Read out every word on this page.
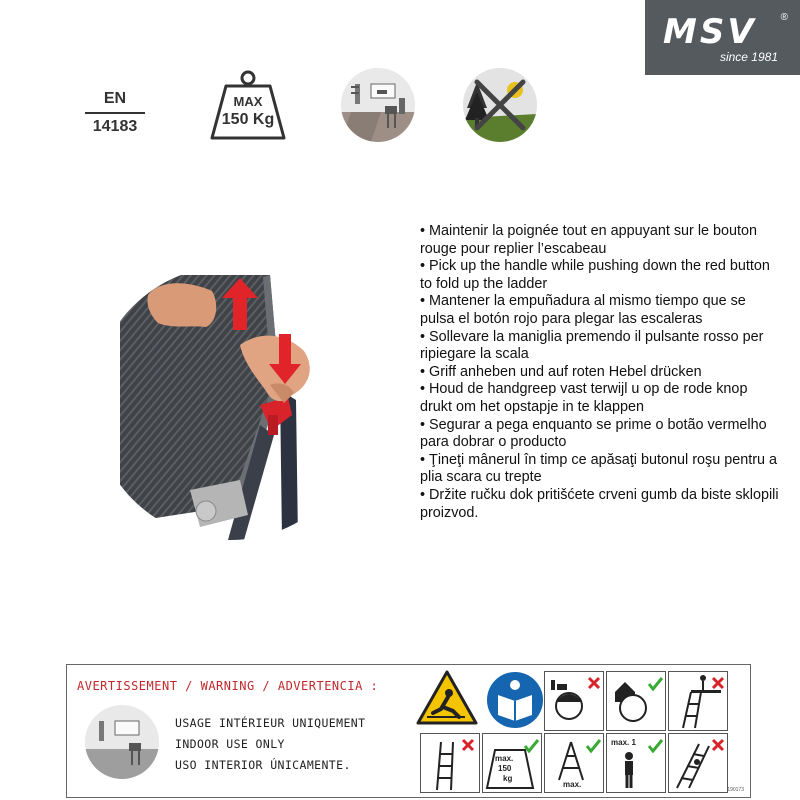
MSV ®
since 1981
EN
14183
MAX
150 Kg
• Maintenir la poignée tout en appuyant sur le bouton rouge pour replier l’escabeau
• Pick up the handle while pushing down the red button to fold up the ladder
• Mantener la empuñadura al mismo tiempo que se pulsa el botón rojo para plegar las escaleras
• Sollevare la maniglia premendo il pulsante rosso per ripiegare la scala
• Griff anheben und auf roten Hebel drücken
• Houd de handgreep vast terwijl u op de rode knop drukt om het opstapje in te klappen
• Segurar a pega enquanto se prime o botão vermelho para dobrar o producto
• Ţineţi mânerul în timp ce apăsaţi butonul roşu pentru a plia scara cu trepte
• Držite ručku dok pritišćete crveni gumb da biste sklopili proizvod.
AVERTISSEMENT / WARNING / ADVERTENCIA :
USAGE INTÉRIEUR UNIQUEMENT
INDOOR USE ONLY
USO INTERIOR ÚNICAMENTE.	max.
150
kg
max.
max. 1
190173
